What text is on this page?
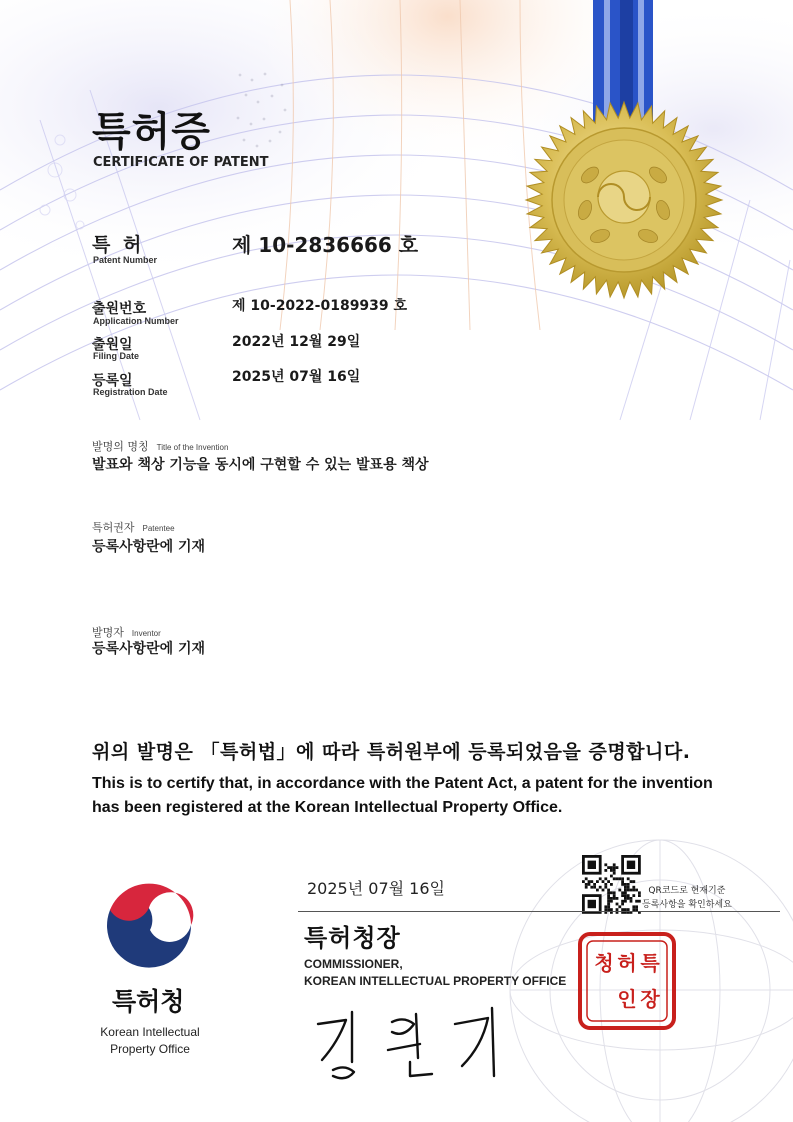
특허증
CERTIFICATE OF PATENT
특 허
Patent Number
제 10-2836666 호
출원번호
Application Number
제 10-2022-0189939 호
출원일
Filing Date
2022년 12월 29일
등록일
Registration Date
2025년 07월 16일
발명의 명칭 Title of the Invention
발표와 책상 기능을 동시에 구현할 수 있는 발표용 책상
특허권자 Patentee
등록사항란에 기재
발명자 Inventor
등록사항란에 기재
위의 발명은 「특허법」에 따라 특허원부에 등록되었음을 증명합니다.
This is to certify that, in accordance with the Patent Act, a patent for the invention has been registered at the Korean Intellectual Property Office.
2025년 07월 16일	QR코드로 현재기준
등록사항을 확인하세요
특허청장
COMMISSIONER,
KOREAN INTELLECTUAL PROPERTY OFFICE
특
허
청
장
인
특허청
Korean Intellectual Property Office
